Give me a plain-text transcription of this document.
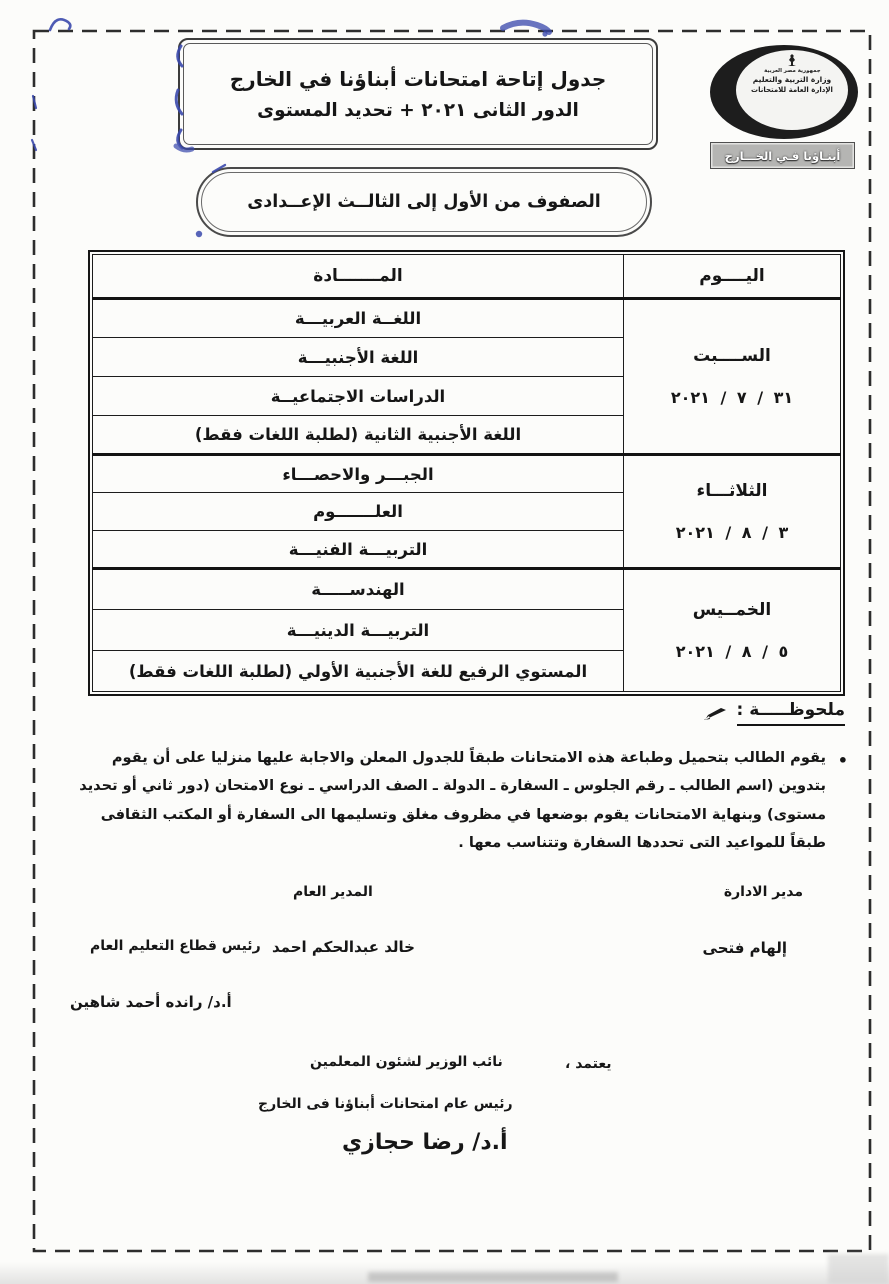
جدول إتاحة امتحانات أبناؤنا في الخارج
الدور الثانى ٢٠٢١ + تحديد المستوى
جمهورية مصر العربية
وزارة التربية والتعليم
الإدارة العامة للامتحانات
أبنـاؤنا فـي الخـــارج
الصفوف من الأول إلى الثالــث الإعــدادى
اليــــوم	المـــــــادة

الســــبت
٣١ / ٧ / ٢٠٢١	اللغــة العربيـــة
	اللغة الأجنبيـــة
	الدراسات الاجتماعيــة
	اللغة الأجنبية الثانية (لطلبة اللغات فقط)

الثلاثـــاء
٣ / ٨ / ٢٠٢١	الجبـــر والاحصـــاء
	العلـــــــوم
	التربيـــة الفنيـــة

الخمــيس
٥ / ٨ / ٢٠٢١	الهندســـــة
	التربيـــة الدينيـــة
	المستوي الرفيع للغة الأجنبية الأولي (لطلبة اللغات فقط)
ملحوظـــــة :
• يقوم الطالب بتحميل وطباعة هذه الامتحانات طبقاً للجدول المعلن والاجابة عليها منزليا على أن يقوم بتدوين (اسم الطالب ـ رقم الجلوس ـ السفارة ـ الدولة ـ الصف الدراسي ـ نوع الامتحان (دور ثاني أو تحديد مستوى) وبنهاية الامتحانات يقوم بوضعها في مظروف مغلق وتسليمها الى السفارة أو المكتب الثقافى طبقاً للمواعيد التى تحددها السفارة وتتناسب معها .
مدير الادارة
المدير العام
إلهام فتحى
خالد عبدالحكم احمد
رئيس قطاع التعليم العام
أ.د/ رانده أحمد شاهين
يعتمد ،
نائب الوزير لشئون المعلمين
رئيس عام امتحانات أبناؤنا فى الخارج
أ.د/ رضا حجازي
